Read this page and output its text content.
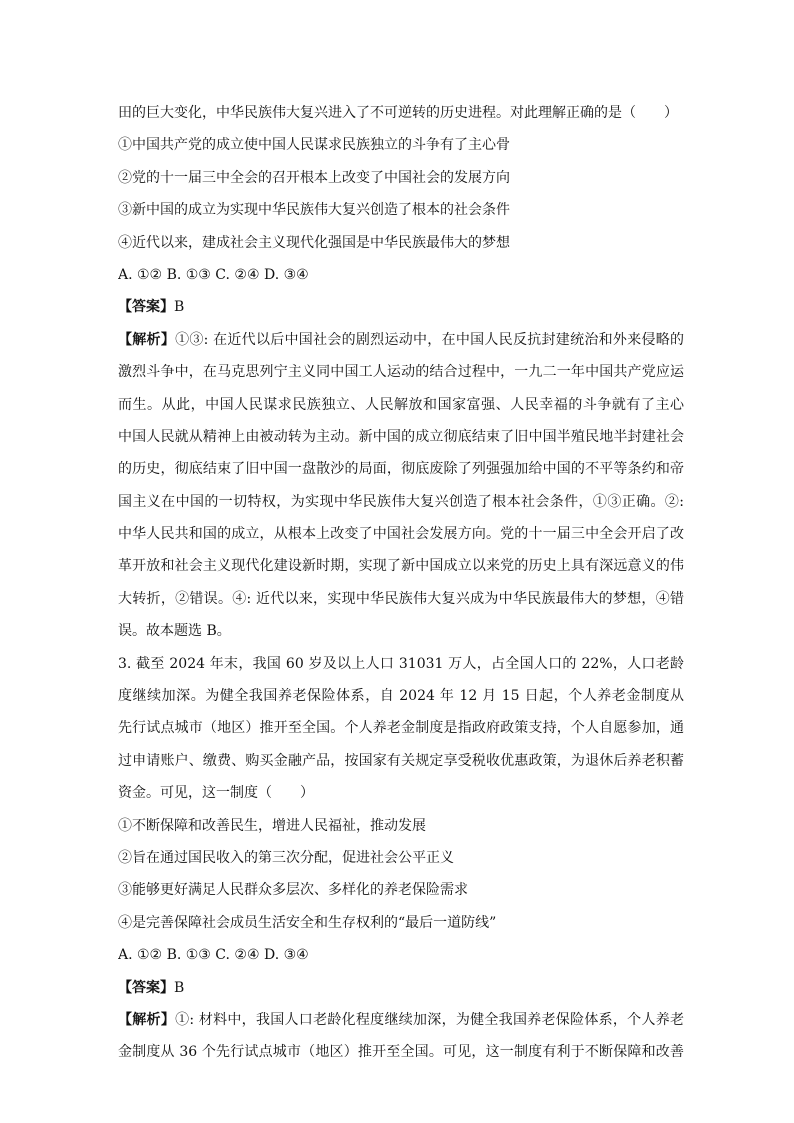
田的巨大变化，中华民族伟大复兴进入了不可逆转的历史进程。对此理解正确的是（　　）
①中国共产党的成立使中国人民谋求民族独立的斗争有了主心骨
②党的十一届三中全会的召开根本上改变了中国社会的发展方向
③新中国的成立为实现中华民族伟大复兴创造了根本的社会条件
④近代以来，建成社会主义现代化强国是中华民族最伟大的梦想
A. ①② B. ①③ C. ②④ D. ③④
【答案】B
【解析】①③: 在近代以后中国社会的剧烈运动中，在中国人民反抗封建统治和外来侵略的
激烈斗争中，在马克思列宁主义同中国工人运动的结合过程中，一九二一年中国共产党应运
而生。从此，中国人民谋求民族独立、人民解放和国家富强、人民幸福的斗争就有了主心
中国人民就从精神上由被动转为主动。新中国的成立彻底结束了旧中国半殖民地半封建社会
的历史，彻底结束了旧中国一盘散沙的局面，彻底废除了列强强加给中国的不平等条约和帝
国主义在中国的一切特权，为实现中华民族伟大复兴创造了根本社会条件，①③正确。②:
中华人民共和国的成立，从根本上改变了中国社会发展方向。党的十一届三中全会开启了改
革开放和社会主义现代化建设新时期，实现了新中国成立以来党的历史上具有深远意义的伟
大转折，②错误。④: 近代以来，实现中华民族伟大复兴成为中华民族最伟大的梦想，④错
误。故本题选 B。
3. 截至 2024 年末，我国 60 岁及以上人口 31031 万人，占全国人口的 22%，人口老龄
度继续加深。为健全我国养老保险体系，自 2024 年 12 月 15 日起，个人养老金制度从
先行试点城市（地区）推开至全国。个人养老金制度是指政府政策支持，个人自愿参加，通
过申请账户、缴费、购买金融产品，按国家有关规定享受税收优惠政策，为退休后养老积蓄
资金。可见，这一制度（　　）
①不断保障和改善民生，增进人民福祉，推动发展
②旨在通过国民收入的第三次分配，促进社会公平正义
③能够更好满足人民群众多层次、多样化的养老保险需求
④是完善保障社会成员生活安全和生存权利的“最后一道防线”
A. ①② B. ①③ C. ②④ D. ③④
【答案】B
【解析】①: 材料中，我国人口老龄化程度继续加深，为健全我国养老保险体系，个人养老
金制度从 36 个先行试点城市（地区）推开至全国。可见，这一制度有利于不断保障和改善
